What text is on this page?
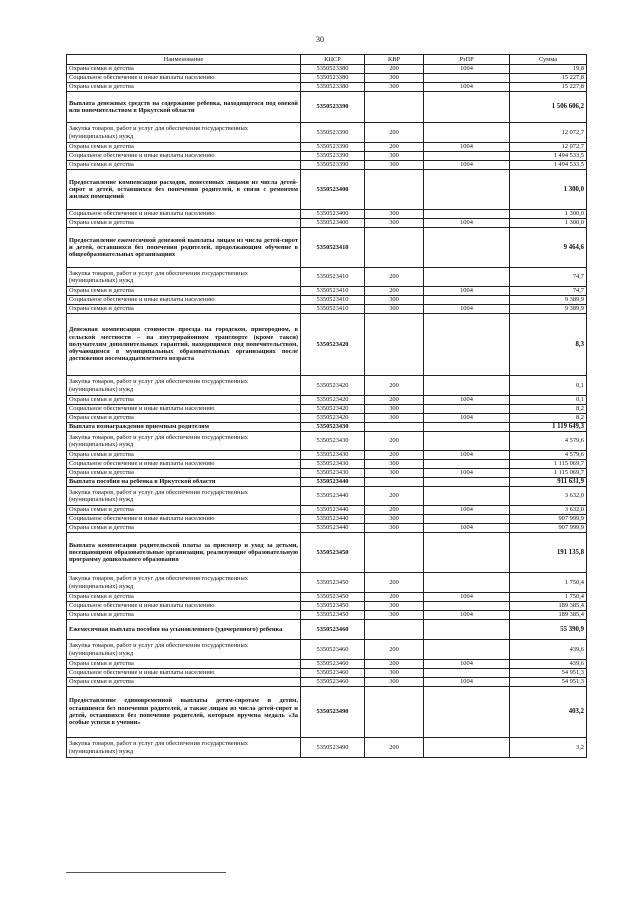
30
Наименование	КЦСР	КВР	РзПР	Сумма
Охрана семьи и детства	5350523380	200	1004	19,8
Социальное обеспечение и иные выплаты населению	5350523380	300		15 227,8
Охрана семьи и детства	5350523380	300	1004	15 227,8
Выплата денежных средств на содержание ребенка, находящегося под опекой или попечительством в Иркутской области	5350523390			1 506 606,2
Закупка товаров, работ и услуг для обеспечения государственных (муниципальных) нужд	5350523390	200		12 072,7
Охрана семьи и детства	5350523390	200	1004	12 072,7
Социальное обеспечение и иные выплаты населению	5350523390	300		1 494 533,5
Охрана семьи и детства	5350523390	300	1004	1 494 533,5
Предоставление компенсации расходов, понесенных лицами из числа детей-сирот и детей, оставшихся без попечения родителей, в связи с ремонтом жилых помещений	5350523400			1 300,0
Социальное обеспечение и иные выплаты населению	5350523400	300		1 300,0
Охрана семьи и детства	5350523400	300	1004	1 300,0
Предоставление ежемесячной денежной выплаты лицам из числа детей-сирот и детей, оставшихся без попечения родителей, продолжающим обучение в общеобразовательных организациях	5350523410			9 464,6
Закупка товаров, работ и услуг для обеспечения государственных (муниципальных) нужд	5350523410	200		74,7
Охрана семьи и детства	5350523410	200	1004	74,7
Социальное обеспечение и иные выплаты населению	5350523410	300		9 389,9
Охрана семьи и детства	5350523410	300	1004	9 389,9
Денежная компенсация стоимости проезда на городском, пригородном, в сельской местности – на внутрирайонном транспорте (кроме такси) получателям дополнительных гарантий, находящимся под попечительством, обучающимся в муниципальных образовательных организациях после достижения восемнадцатилетнего возраста	5350523420			8,3
Закупка товаров, работ и услуг для обеспечения государственных (муниципальных) нужд	5350523420	200		0,1
Охрана семьи и детства	5350523420	200	1004	0,1
Социальное обеспечение и иные выплаты населению	5350523420	300		8,2
Охрана семьи и детства	5350523420	300	1004	8,2
Выплата вознаграждения приемным родителям	5350523430			1 119 649,3
Закупка товаров, работ и услуг для обеспечения государственных (муниципальных) нужд	5350523430	200		4 579,6
Охрана семьи и детства	5350523430	200	1004	4 579,6
Социальное обеспечение и иные выплаты населению	5350523430	300		1 115 069,7
Охрана семьи и детства	5350523430	300	1004	1 115 069,7
Выплата пособия на ребенка в Иркутской области	5350523440			911 631,9
Закупка товаров, работ и услуг для обеспечения государственных (муниципальных) нужд	5350523440	200		3 632,0
Охрана семьи и детства	5350523440	200	1004	3 632,0
Социальное обеспечение и иные выплаты населению	5350523440	300		907 999,9
Охрана семьи и детства	5350523440	300	1004	907 999,9
Выплата компенсации родительской платы за присмотр и уход за детьми, посещающими образовательные организации, реализующие образовательную программу дошкольного образования	5350523450			191 135,8
Закупка товаров, работ и услуг для обеспечения государственных (муниципальных) нужд	5350523450	200		1 750,4
Охрана семьи и детства	5350523450	200	1004	1 750,4
Социальное обеспечение и иные выплаты населению	5350523450	300		189 385,4
Охрана семьи и детства	5350523450	300	1004	189 385,4
Ежемесячная выплата пособия на усыновленного (удочеренного) ребенка	5350523460			55 390,9
Закупка товаров, работ и услуг для обеспечения государственных (муниципальных) нужд	5350523460	200		439,6
Охрана семьи и детства	5350523460	200	1004	439,6
Социальное обеспечение и иные выплаты населению	5350523460	300		54 951,3
Охрана семьи и детства	5350523460	300	1004	54 951,3
Предоставление единовременной выплаты детям-сиротам и детям, оставшимся без попечения родителей, а также лицам из числа детей-сирот и детей, оставшихся без попечения родителей, которым вручена медаль «За особые успехи в учении»	5350523490			403,2
Закупка товаров, работ и услуг для обеспечения государственных (муниципальных) нужд	5350523490	200		3,2
